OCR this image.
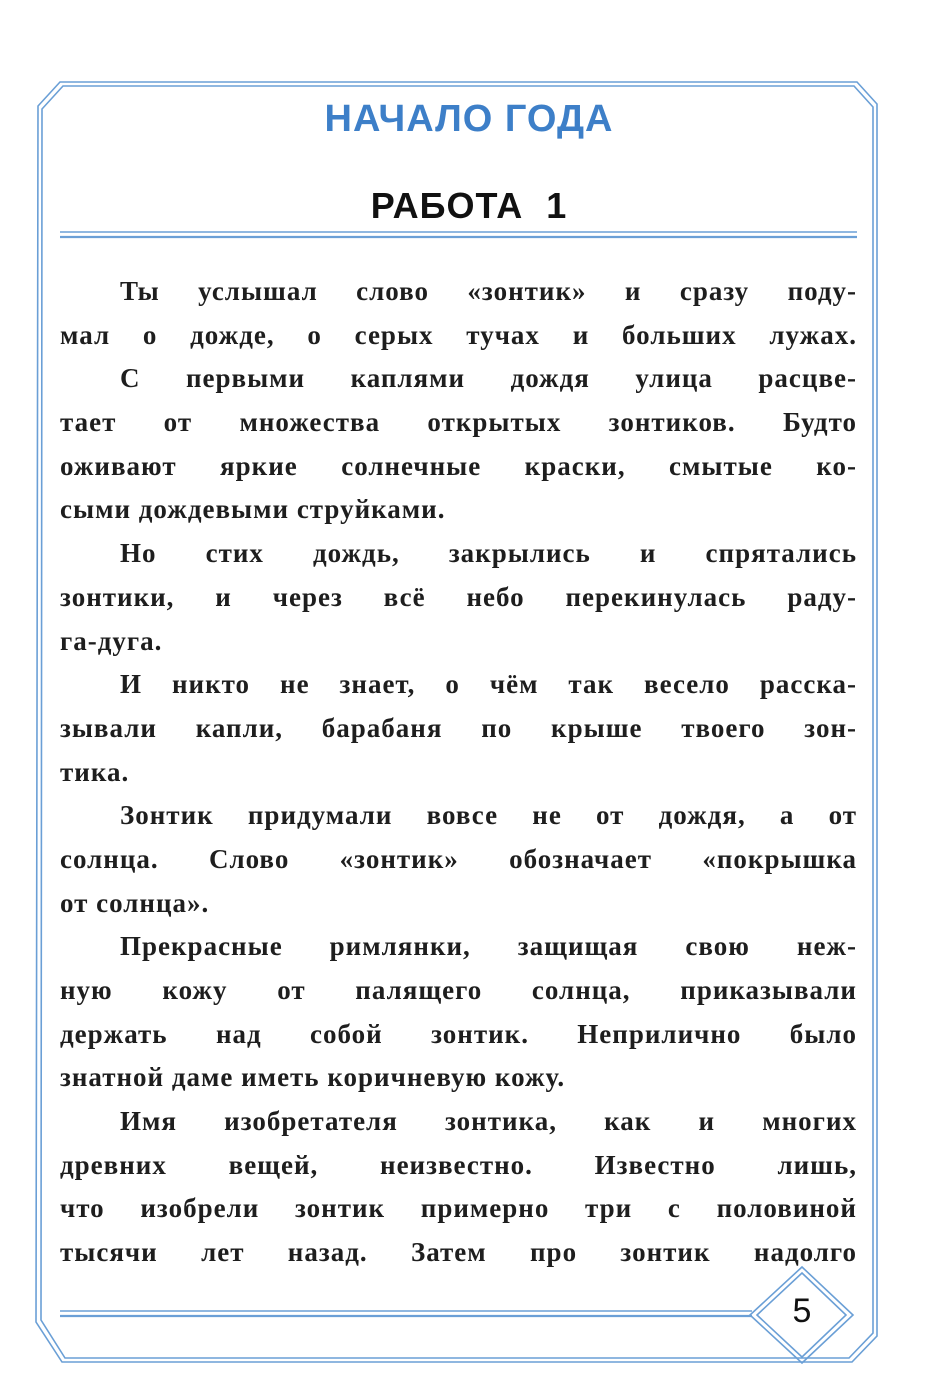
НАЧАЛО ГОДА
РАБОТА 1
Ты услышал слово «зонтик» и сразу поду-
мал о дожде, о серых тучах и больших лужах.
С первыми каплями дождя улица расцве-
тает от множества открытых зонтиков. Будто
оживают яркие солнечные краски, смытые ко-
сыми дождевыми струйками.
Но стих дождь, закрылись и спрятались
зонтики, и через всё небо перекинулась раду-
га-дуга.
И никто не знает, о чём так весело расска-
зывали капли, барабаня по крыше твоего зон-
тика.
Зонтик придумали вовсе не от дождя, а от
солнца. Слово «зонтик» обозначает «покрышка
от солнца».
Прекрасные римлянки, защищая свою неж-
ную кожу от палящего солнца, приказывали
держать над собой зонтик. Неприлично было
знатной даме иметь коричневую кожу.
Имя изобретателя зонтика, как и многих
древних вещей, неизвестно. Известно лишь,
что изобрели зонтик примерно три с половиной
тысячи лет назад. Затем про зонтик надолго
5
